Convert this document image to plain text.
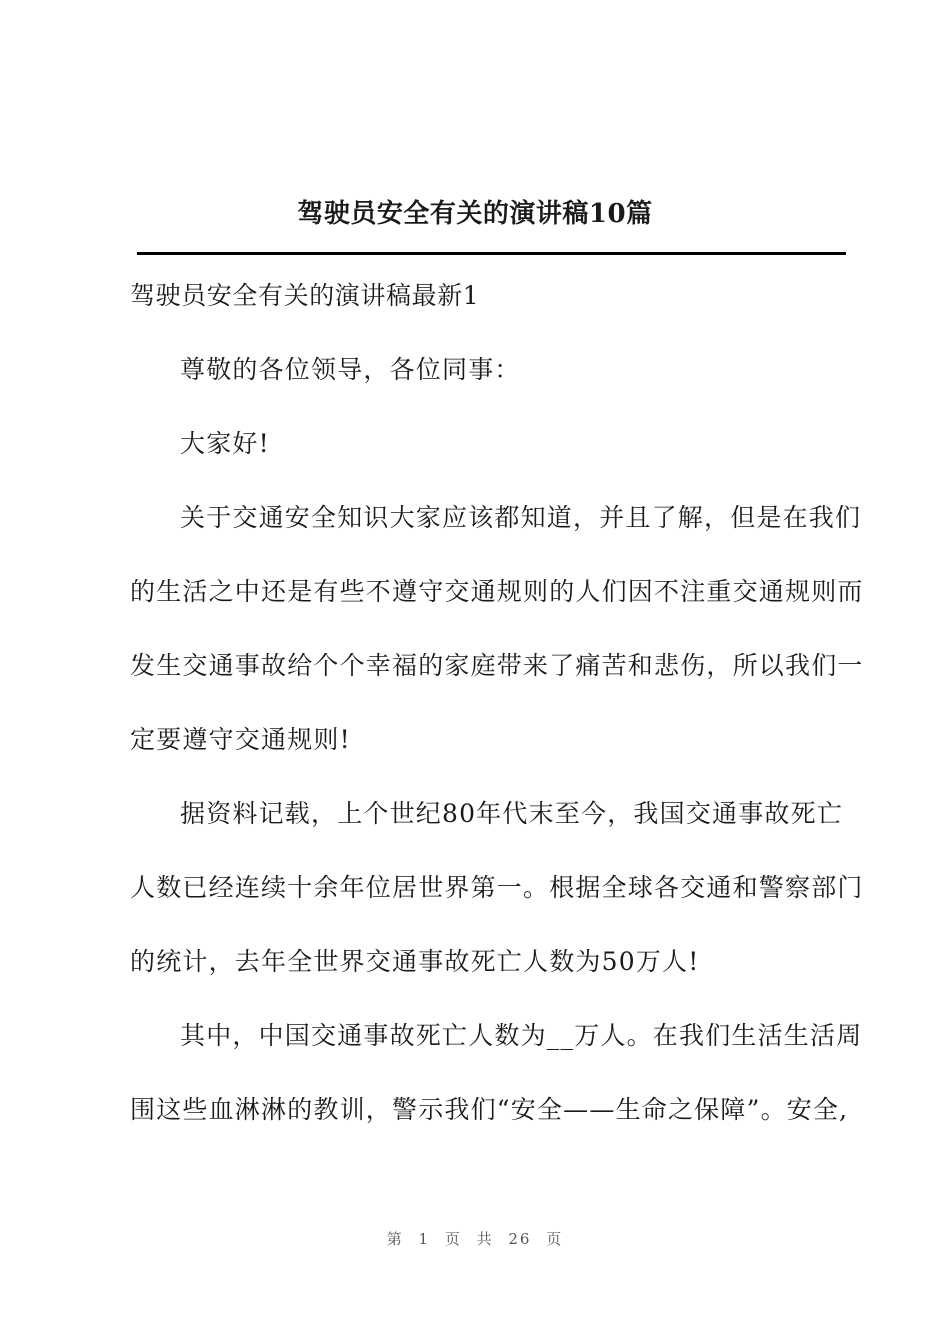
驾驶员安全有关的演讲稿10篇
驾驶员安全有关的演讲稿最新1
尊敬的各位领导，各位同事：
大家好!
关于交通安全知识大家应该都知道，并且了解，但是在我们
的生活之中还是有些不遵守交通规则的人们因不注重交通规则而
发生交通事故给个个幸福的家庭带来了痛苦和悲伤，所以我们一
定要遵守交通规则!
据资料记载，上个世纪80年代末至今，我国交通事故死亡
人数已经连续十余年位居世界第一。根据全球各交通和警察部门
的统计，去年全世界交通事故死亡人数为50万人!
其中，中国交通事故死亡人数为__万人。在我们生活生活周
围这些血淋淋的教训，警示我们“安全——生命之保障”。安全,
第 1 页 共 26 页
